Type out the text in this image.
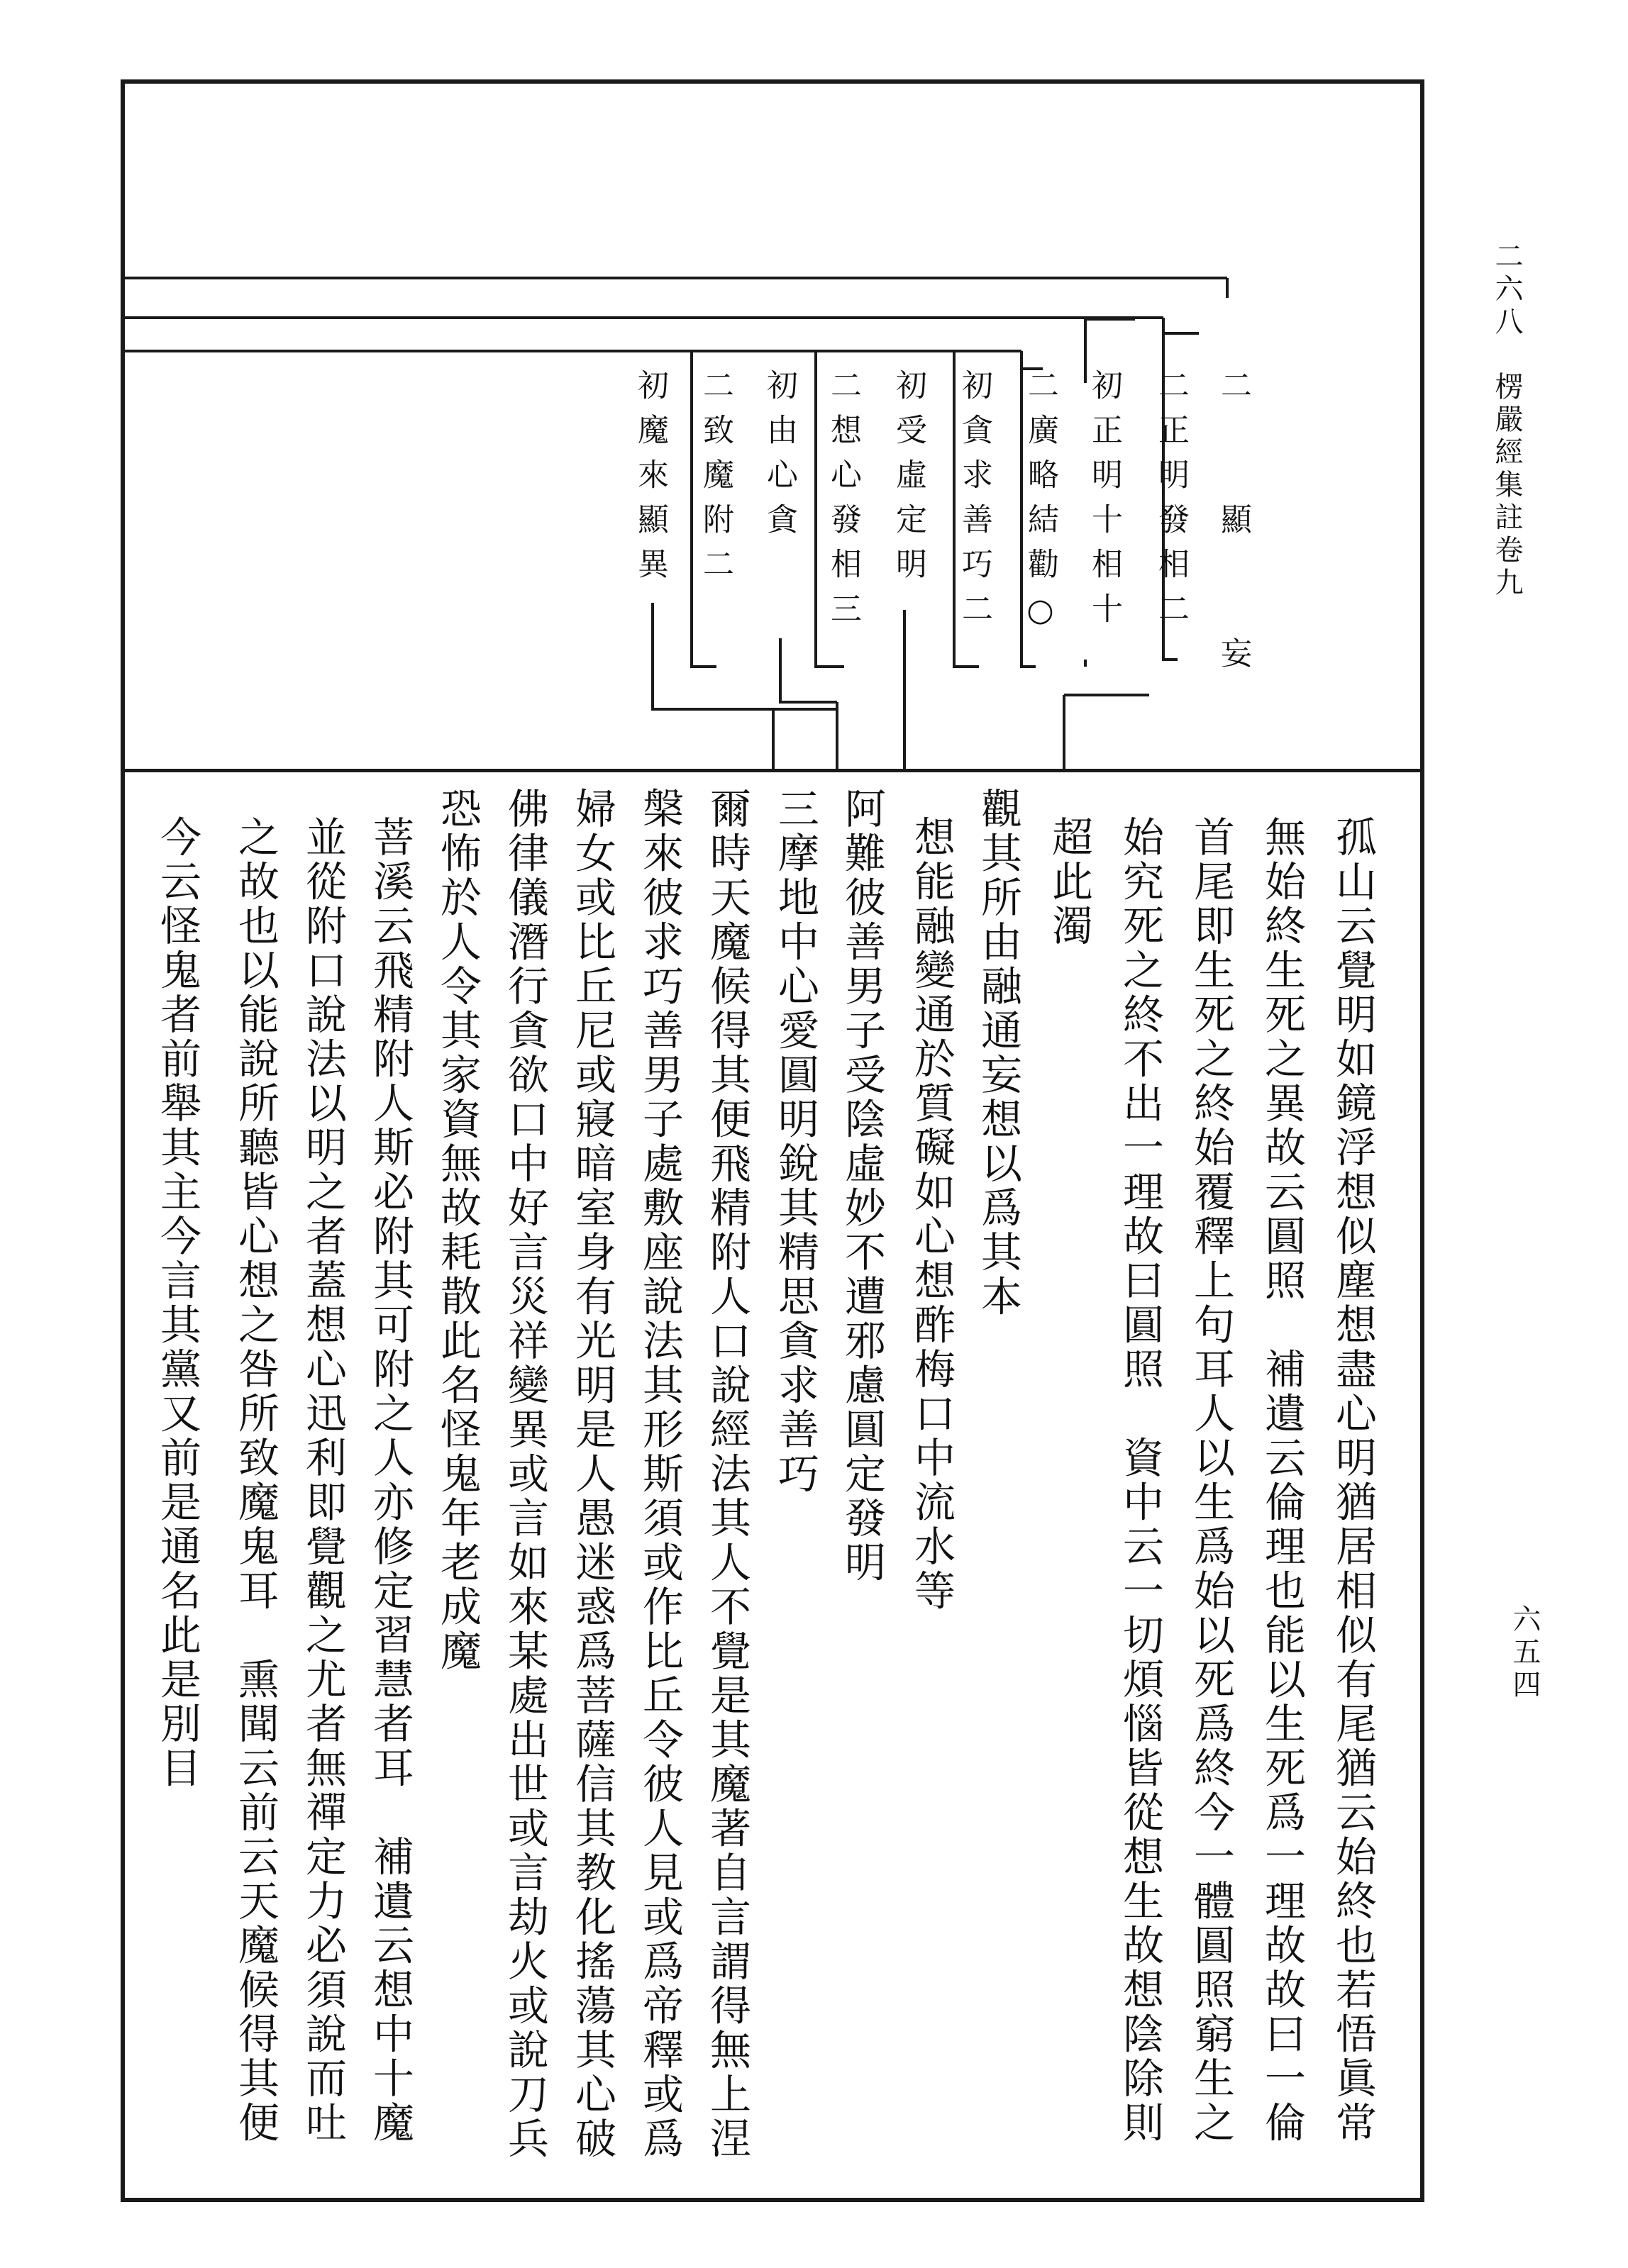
二　　顯　　妄
二正明發相二
初正明十相十
二廣略結勸○
初貪求善巧二
初受虛定明
二想心發相三
初由心貪
二致魔附二
初魔來顯異
孤山云覺明如鏡浮想似塵想盡心明猶居相似有尾猶云始終也若悟眞常
無始終生死之異故云圓照　補遺云倫理也能以生死爲一理故故曰一倫
首尾即生死之終始覆釋上句耳人以生爲始以死爲終今一體圓照窮生之
始究死之終不出一理故曰圓照　資中云一切煩惱皆從想生故想陰除則
超此濁
觀其所由融通妄想以爲其本
想能融變通於質礙如心想酢梅口中流水等
阿難彼善男子受陰虛妙不遭邪慮圓定發明
三摩地中心愛圓明銳其精思貪求善巧
爾時天魔候得其便飛精附人口說經法其人不覺是其魔著自言謂得無上涅
槃來彼求巧善男子處敷座說法其形斯須或作比丘令彼人見或爲帝釋或爲
婦女或比丘尼或寢暗室身有光明是人愚迷惑爲菩薩信其教化搖蕩其心破
佛律儀潛行貪欲口中好言災祥變異或言如來某處出世或言劫火或說刀兵
恐怖於人令其家資無故耗散此名怪鬼年老成魔
菩溪云飛精附人斯必附其可附之人亦修定習慧者耳　補遺云想中十魔
並從附口說法以明之者蓋想心迅利即覺觀之尤者無禪定力必須說而吐
之故也以能說所聽皆心想之咎所致魔鬼耳　熏聞云前云天魔候得其便
今云怪鬼者前舉其主今言其黨又前是通名此是別目
二六八　楞嚴經集註卷九
六五四
